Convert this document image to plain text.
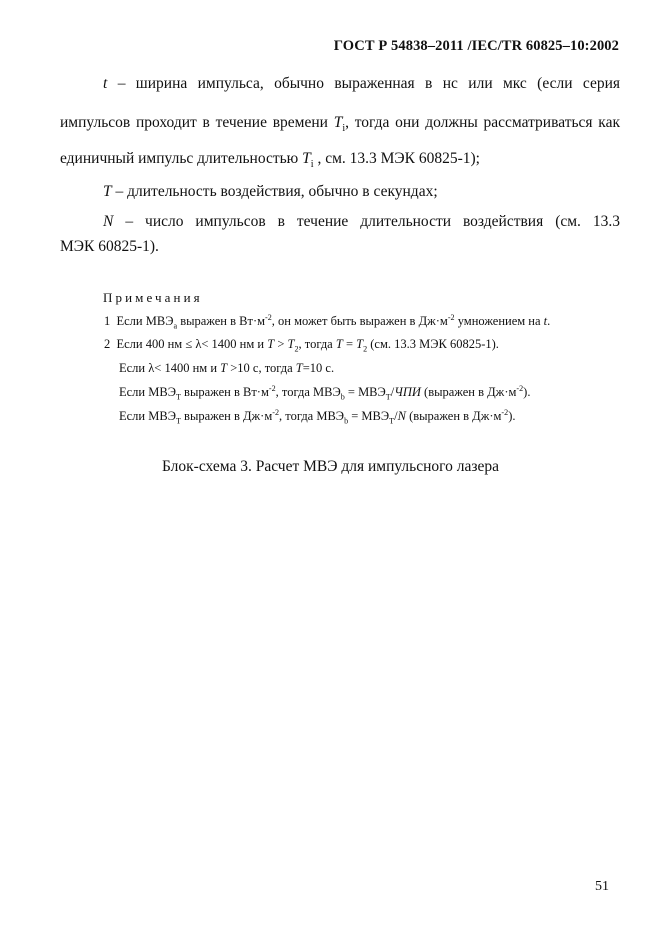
ГОСТ Р 54838–2011 /IEC/TR 60825–10:2002
t – ширина импульса, обычно выраженная в нс или мкс (если серия
импульсов проходит в течение времени $T_i$, тогда они должны рассматриваться как
единичный импульс длительностью $T_i$ , см. 13.3 МЭК 60825-1);
T – длительность воздействия, обычно в секундах;
N – число импульсов в течение длительности воздействия (см. 13.3
МЭК 60825-1).
Примечания
1 Если $МВЭ_a$ выражен в $Вт\cdot м^{-2}$, он может быть выражен в $Дж\cdot м^{-2}$ умножением на t.
2 Если 400 нм ≤ λ< 1400 нм и $T > T_2$, тогда $T = T_2$ (см. 13.3 МЭК 60825-1).
Если λ< 1400 нм и T >10 с, тогда T=10 с.
Если $МВЭ_T$ выражен в $Вт\cdot м^{-2}$, тогда $МВЭ_b = МВЭ_T/ЧПИ$ (выражен в $Дж\cdot м^{-2}$).
Если $МВЭ_T$ выражен в $Дж\cdot м^{-2}$, тогда $МВЭ_b = МВЭ_T/N$ (выражен в $Дж\cdot м^{-2}$).
Блок-схема 3. Расчет МВЭ для импульсного лазера
51
